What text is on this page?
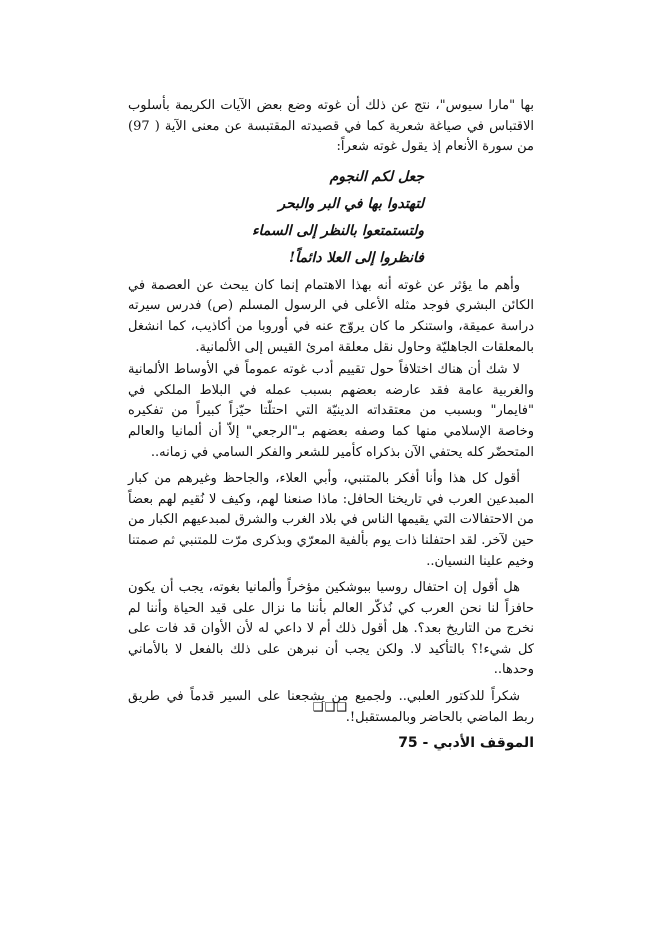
بها "مارا سيوس"، نتج عن ذلك أن غوته وضع بعض الآيات الكريمة بأسلوب الاقتباس في صياغة شعرية كما في قصيدته المقتبسة عن معنى الآية ( 97) من سورة الأنعام إذ يقول غوته شعراً:

جعل لكم النجوم
لتهتدوا بها في البر والبحر
ولتستمتعوا بالنظر إلى السماء
فانظروا إلى العلا دائماً!

وأهم ما يؤثر عن غوته أنه بهذا الاهتمام إنما كان يبحث عن العصمة في الكائن البشري فوجد مثله الأعلى في الرسول المسلم (ص) فدرس سيرته دراسة عميقة، واستنكر ما كان يروّج عنه في أوروبا من أكاذيب، كما انشغل بالمعلقات الجاهليّة وحاول نقل معلقة امرئ القيس إلى الألمانية.

لا شك أن هناك اختلافاً حول تقييم أدب غوته عموماً في الأوساط الألمانية والغربية عامة فقد عارضه بعضهم بسبب عمله في البلاط الملكي في "فايمار" وبسبب من معتقداته الدينيّة التي احتلّتا حيّزاً كبيراً من تفكيره وخاصة الإسلامي منها كما وصفه بعضهم بـ"الرجعي" إلاّ أن ألمانيا والعالم المتحضّر كله يحتفي الآن بذكراه كأمير للشعر والفكر السامي في زمانه..

أقول كل هذا وأنا أفكر بالمتنبي، وأبي العلاء، والجاحظ وغيرهم من كبار المبدعين العرب في تاريخنا الحافل: ماذا صنعنا لهم، وكيف لا نُقيم لهم بعضاً من الاحتفالات التي يقيمها الناس في بلاد الغرب والشرق لمبدعيهم الكبار من حين لآخر. لقد احتفلنا ذات يوم بألفية المعرّي وبذكرى مرّت للمتنبي ثم صمتنا وخيم علينا النسيان..

هل أقول إن احتفال روسيا ببوشكين مؤخراً وألمانيا بغوته، يجب أن يكون حافزاً لنا نحن العرب كي نُذكّر العالم بأننا ما نزال على قيد الحياة وأننا لم نخرج من التاريخ بعد؟. هل أقول ذلك أم لا داعي له لأن الأوان قد فات على كل شيء!؟ بالتأكيد لا. ولكن يجب أن نبرهن على ذلك بالفعل لا بالأماني وحدها..

شكراً للدكتور العلبي.. ولجميع من يشجعنا على السير قدماً في طريق ربط الماضي بالحاضر وبالمستقبل!.

❑❑❑
الموقف الأدبي - 75
